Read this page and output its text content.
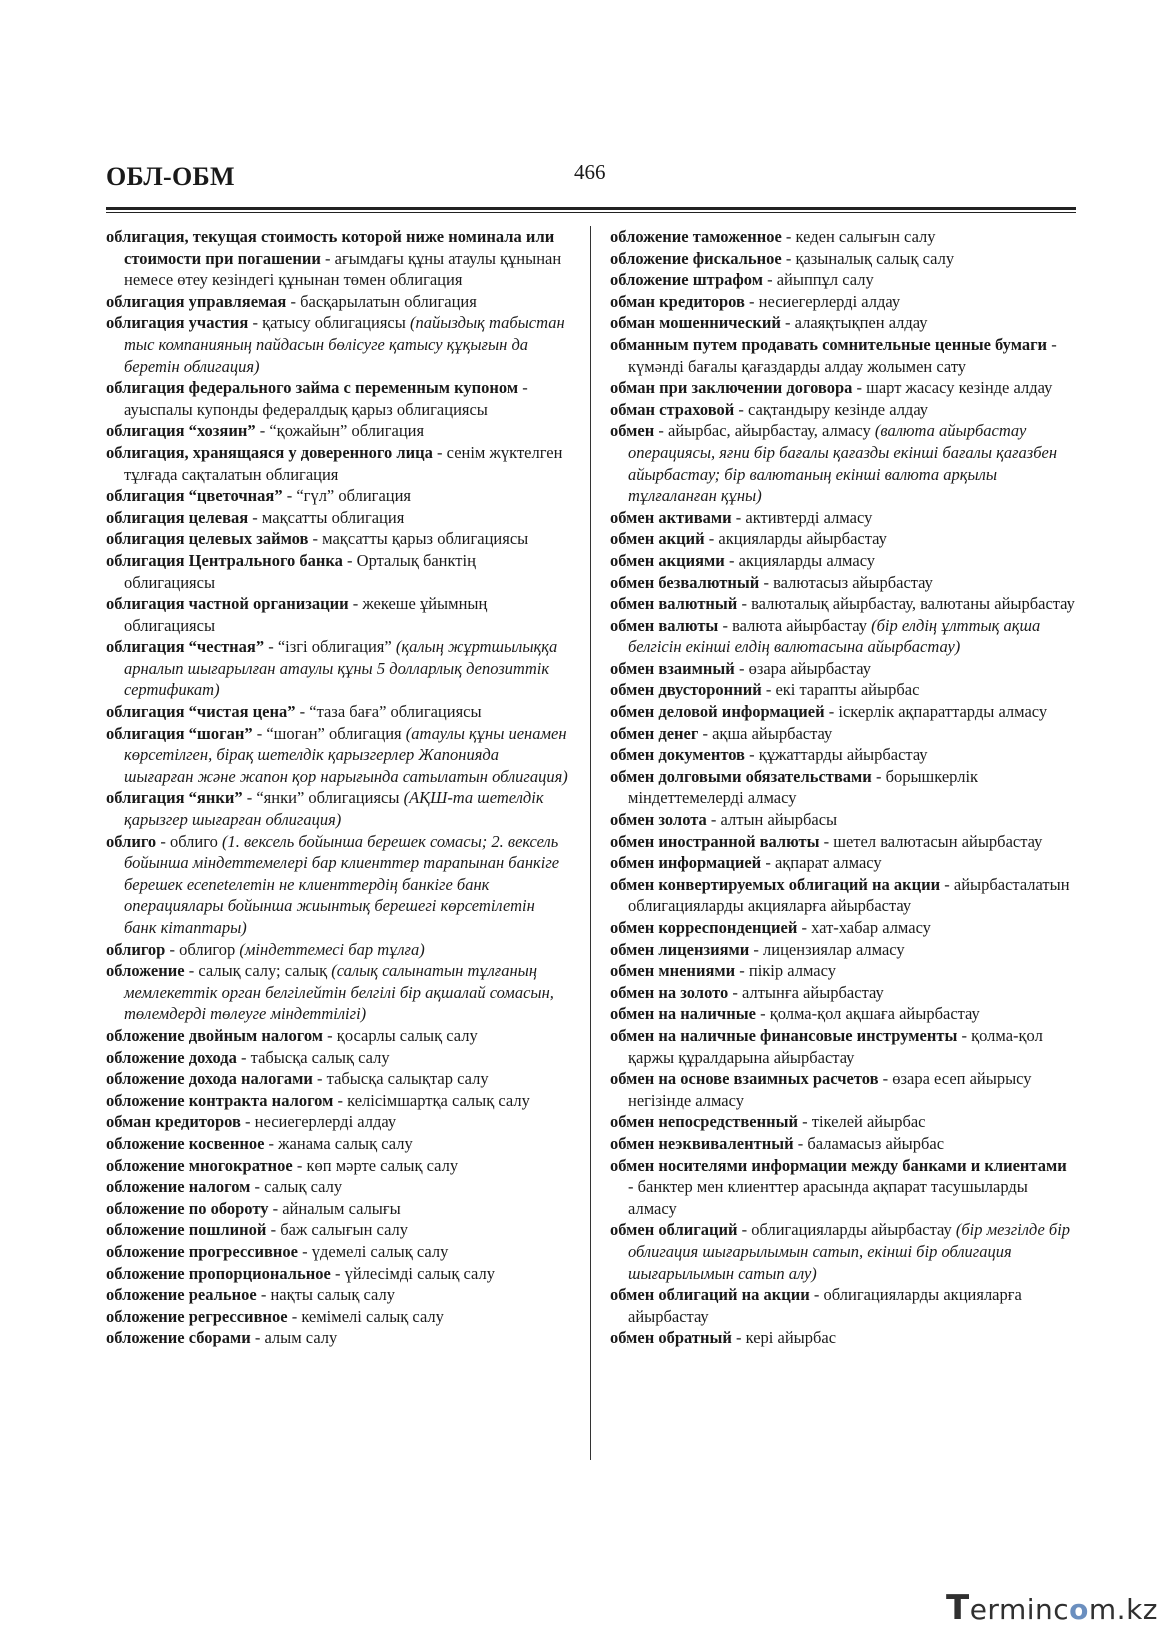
ОБЛ-ОБМ	466

облигация, текущая стоимость которой ниже номинала или стоимости при погашении - ағымдағы құны атаулы құнынан немесе өтеу кезіндегі құнынан төмен облигация

облигация управляемая - басқарылатын облигация

облигация участия - қатысу облигациясы (пайыздық табыстан тыс компанияның пайдасын бөлісуге қатысу құқығын да беретін облигация)

облигация федерального займа с переменным купоном - ауыспалы купонды федералдық қарыз облигациясы

облигация “хозяин” - “қожайын” облигация

облигация, хранящаяся у доверенного лица - сенім жүктелген тұлғада сақталатын облигация

облигация “цветочная” - “гүл” облигация

облигация целевая - мақсатты облигация

облигация целевых займов - мақсатты қарыз облигациясы

облигация Центрального банка - Орталық банктің облигациясы

облигация частной организации - жекеше ұйымның облигациясы

облигация “честная” - “ізгі облигация” (қалың жұртшылыққа арналып шығарылған атаулы құны 5 долларлық депозиттік сертификат)

облигация “чистая цена” - “таза баға” облигациясы

облигация “шоган” - “шоган” облигация (атаулы құны иенамен көрсетілген, бірақ шетелдік қарызгерлер Жапонияда шығарған және жапон қор нарығында сатылатын облигация)

облигация “янки” - “янки” облигациясы (АҚШ-та шетелдік қарызгер шығарған облигация)

облиго - облиго (1. вексель бойынша берешек сомасы; 2. вексель бойынша міндеттемелері бар клиенттер тарапынан банкіге берешек есепetелетін не клиенттердің банкіге банк операциялары бойынша жиынтық берешегі көрсетілетін банк кітаптары)

облигор - облигор (міндеттемесі бар тұлға)

обложение - салық салу; салық (салық салынатын тұлғаның мемлекеттік орган белгілейтін белгілі бір ақшалай сомасын, төлемдерді төлеуге міндеттілігі)

обложение двойным налогом - қосарлы салық салу

обложение дохода - табысқа салық салу

обложение дохода налогами - табысқа салықтар салу

обложение контракта налогом - келісімшартқа салық салу

обман кредиторов - несиегерлерді алдау

обложение косвенное - жанама салық салу

обложение многократное - көп мәрте салық салу

обложение налогом - салық салу

обложение по обороту - айналым салығы

обложение пошлиной - баж салығын салу

обложение прогрессивное - үдемелі салық салу

обложение пропорциональное - үйлесімді салық салу

обложение реальное - нақты салық салу

обложение регрессивное - кемімелі салық салу

обложение сборами - алым салу

обложение таможенное - кеден салығын салу

обложение фискальное - қазыналық салық салу

обложение штрафом - айыппұл салу

обман кредиторов - несиегерлерді алдау

обман мошеннический - алаяқтықпен алдау

обманным путем продавать сомнительные ценные бумаги - күмәнді бағалы қағаздарды алдау жолымен сату

обман при заключении договора - шарт жасасу кезінде алдау

обман страховой - сақтандыру кезінде алдау

обмен - айырбас, айырбастау, алмасу (валюта айырбастау операциясы, яғни бір бағалы қағазды екінші бағалы қағазбен айырбастау; бір валютаның екінші валюта арқылы тұлғаланған құны)

обмен активами - активтерді алмасу

обмен акций - акцияларды айырбастау

обмен акциями - акцияларды алмасу

обмен безвалютный - валютасыз айырбастау

обмен валютный - валюталық айырбастау, валютаны айырбастау

обмен валюты - валюта айырбастау (бір елдің ұлттық ақша белгісін екінші елдің валютасына айырбастау)

обмен взаимный - өзара айырбастау

обмен двусторонний - екі тарапты айырбас

обмен деловой информацией - іскерлік ақпараттарды алмасу

обмен денег - ақша айырбастау

обмен документов - құжаттарды айырбастау

обмен долговыми обязательствами - борышкерлік міндеттемелерді алмасу

обмен золота - алтын айырбасы

обмен иностранной валюты - шетел валютасын айырбастау

обмен информацией - ақпарат алмасу

обмен конвертируемых облигаций на акции - айырбасталатын облигацияларды акцияларға айырбастау

обмен корреспонденцией - хат-хабар алмасу

обмен лицензиями - лицензиялар алмасу

обмен мнениями - пікір алмасу

обмен на золото - алтынға айырбастау

обмен на наличные - қолма-қол ақшаға айырбастау

обмен на наличные финансовые инструменты - қолма-қол қаржы құралдарына айырбастау

обмен на основе взаимных расчетов - өзара есеп айырысу негізінде алмасу

обмен непосредственный - тікелей айырбас

обмен неэквивалентный - баламасыз айырбас

обмен носителями информации между банками и клиентами - банктер мен клиенттер арасында ақпарат тасушыларды алмасу

обмен облигаций - облигацияларды айырбастау (бір мезгілде бір облигация шығарылымын сатып, екінші бір облигация шығарылымын сатып алу)

обмен облигаций на акции - облигацияларды акцияларға айырбастау

обмен обратный - кері айырбас

Termincom.kz
